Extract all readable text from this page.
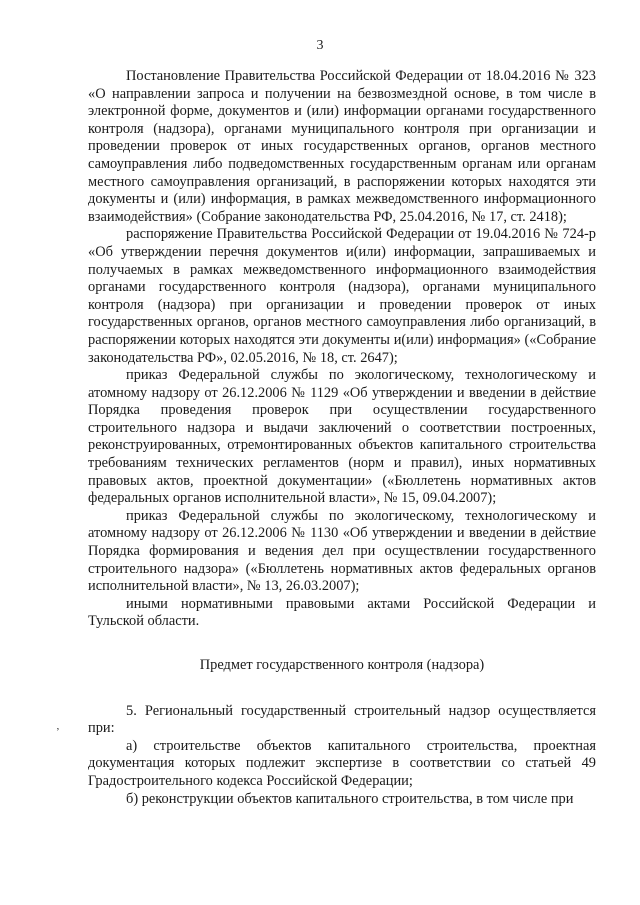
3
’

Постановление Правительства Российской Федерации от 18.04.2016 № 323 «О направлении запроса и получении на безвозмездной основе, в том числе в электронной форме, документов и (или) информации органами государственного контроля (надзора), органами муниципального контроля при организации и проведении проверок от иных государственных органов, органов местного самоуправления либо подведомственных государственным органам или органам местного самоуправления организаций, в распоряжении которых находятся эти документы и (или) информация, в рамках межведомственного информационного взаимодействия» (Собрание законодательства РФ, 25.04.2016, № 17, ст. 2418);

распоряжение Правительства Российской Федерации от 19.04.2016 № 724-р «Об утверждении перечня документов и(или) информации, запрашиваемых и получаемых в рамках межведомственного информационного взаимодействия органами государственного контроля (надзора), органами муниципального контроля (надзора) при организации и проведении проверок от иных государственных органов, органов местного самоуправления либо организаций, в распоряжении которых находятся эти документы и(или) информация» («Собрание законодательства РФ», 02.05.2016, № 18, ст. 2647);

приказ Федеральной службы по экологическому, технологическому и атомному надзору от 26.12.2006 № 1129 «Об утверждении и введении в действие Порядка проведения проверок при осуществлении государственного строительного надзора и выдачи заключений о соответствии построенных, реконструированных, отремонтированных объектов капитального строительства требованиям технических регламентов (норм и правил), иных нормативных правовых актов, проектной документации» («Бюллетень нормативных актов федеральных органов исполнительной власти», № 15, 09.04.2007);

приказ Федеральной службы по экологическому, технологическому и атомному надзору от 26.12.2006 № 1130 «Об утверждении и введении в действие Порядка формирования и ведения дел при осуществлении государственного строительного надзора» («Бюллетень нормативных актов федеральных органов исполнительной власти», № 13, 26.03.2007);

иными нормативными правовыми актами Российской Федерации и Тульской области.

Предмет государственного контроля (надзора)

5. Региональный государственный строительный надзор осуществляется при:

а) строительстве объектов капитального строительства, проектная документация которых подлежит экспертизе в соответствии со статьей 49 Градостроительного кодекса Российской Федерации;

б) реконструкции объектов капитального строительства, в том числе при
